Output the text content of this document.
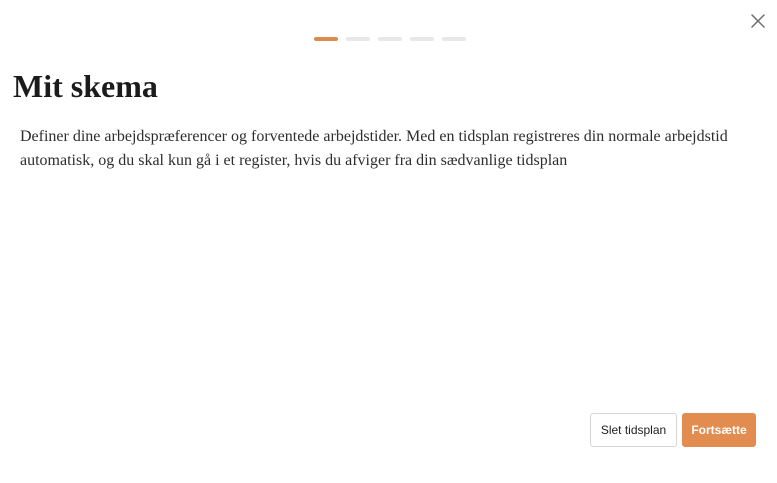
Mit skema

Definer dine arbejdspræferencer og forventede arbejdstider. Med en tidsplan registreres din normale arbejdstid automatisk, og du skal kun gå i et register, hvis du afviger fra din sædvanlige tidsplan

Slet tidsplan	Fortsætte
